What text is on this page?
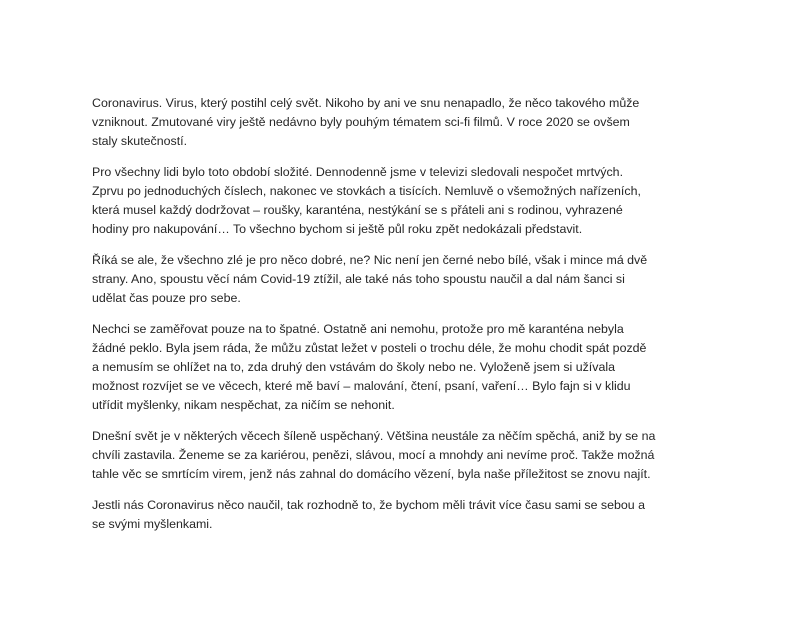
Coronavirus. Virus, který postihl celý svět. Nikoho by ani ve snu nenapadlo, že něco takového může
vzniknout. Zmutované viry ještě nedávno byly pouhým tématem sci-fi filmů. V roce 2020 se ovšem
staly skutečností.

Pro všechny lidi bylo toto období složité. Dennodenně jsme v televizi sledovali nespočet mrtvých.
Zprvu po jednoduchých číslech, nakonec ve stovkách a tisících. Nemluvě o všemožných nařízeních,
která musel každý dodržovat – roušky, karanténa, nestýkání se s přáteli ani s rodinou, vyhrazené
hodiny pro nakupování… To všechno bychom si ještě půl roku zpět nedokázali představit.

Říká se ale, že všechno zlé je pro něco dobré, ne? Nic není jen černé nebo bílé, však i mince má dvě
strany. Ano, spoustu věcí nám Covid-19 ztížil, ale také nás toho spoustu naučil a dal nám šanci si
udělat čas pouze pro sebe.

Nechci se zaměřovat pouze na to špatné. Ostatně ani nemohu, protože pro mě karanténa nebyla
žádné peklo. Byla jsem ráda, že můžu zůstat ležet v posteli o trochu déle, že mohu chodit spát pozdě
a nemusím se ohlížet na to, zda druhý den vstávám do školy nebo ne. Vyloženě jsem si užívala
možnost rozvíjet se ve věcech, které mě baví – malování, čtení, psaní, vaření… Bylo fajn si v klidu
utřídit myšlenky, nikam nespěchat, za ničím se nehonit.

Dnešní svět je v některých věcech šíleně uspěchaný. Většina neustále za něčím spěchá, aniž by se na
chvíli zastavila. Ženeme se za kariérou, penězi, slávou, mocí a mnohdy ani nevíme proč. Takže možná
tahle věc se smrtícím virem, jenž nás zahnal do domácího vězení, byla naše příležitost se znovu najít.

Jestli nás Coronavirus něco naučil, tak rozhodně to, že bychom měli trávit více času sami se sebou a
se svými myšlenkami.
